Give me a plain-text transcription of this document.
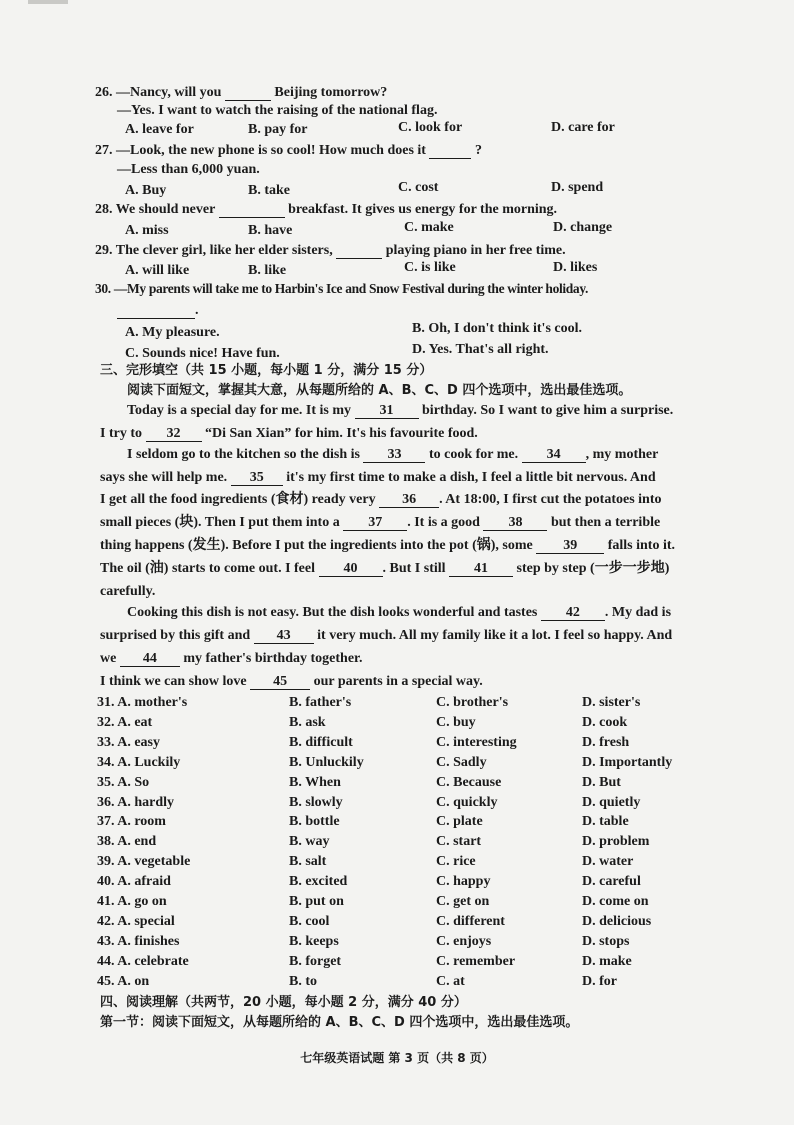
26. —Nancy, will you	Beijing tomorrow?
—Yes. I want to watch the raising of the national flag.
A. leave for	B. pay for	C. look for	D. care for
27. —Look, the new phone is so cool! How much does it	?
—Less than 6,000 yuan.
A. Buy	B. take	C. cost	D. spend
28. We should never	breakfast. It gives us energy for the morning.
A. miss	B. have	C. make	D. change
29. The clever girl, like her elder sisters,	playing piano in her free time.
A. will like	B. like	C. is like	D. likes
30. —My parents will take me to Harbin's Ice and Snow Festival during the winter holiday.
.
A. My pleasure.	B. Oh, I don't think it's cool.
C. Sounds nice! Have fun.	D. Yes. That's all right.
三、完形填空（共 15 小题，每小题 1 分，满分 15 分）
阅读下面短文，掌握其大意，从每题所给的 A、B、C、D 四个选项中，选出最佳选项。
Today is a special day for me. It is my 31 birthday. So I want to give him a surprise.
I try to 32 “Di San Xian” for him. It's his favourite food.
I seldom go to the kitchen so the dish is 33 to cook for me. 34 , my mother
says she will help me. 35 it's my first time to make a dish, I feel a little bit nervous. And
I get all the food ingredients (食材) ready very 36 . At 18:00, I first cut the potatoes into
small pieces (块). Then I put them into a 37 . It is a good 38 but then a terrible
thing happens (发生). Before I put the ingredients into the pot (锅), some 39 falls into it.
The oil (油) starts to come out. I feel 40 . But I still 41 step by step (一步一步地)
carefully.
Cooking this dish is not easy. But the dish looks wonderful and tastes 42 . My dad is
surprised by this gift and 43 it very much. All my family like it a lot. I feel so happy. And
we 44 my father's birthday together.
I think we can show love 45 our parents in a special way.
31. A. mother's	B. father's	C. brother's	D. sister's
32. A. eat	B. ask	C. buy	D. cook
33. A. easy	B. difficult	C. interesting	D. fresh
34. A. Luckily	B. Unluckily	C. Sadly	D. Importantly
35. A. So	B. When	C. Because	D. But
36. A. hardly	B. slowly	C. quickly	D. quietly
37. A. room	B. bottle	C. plate	D. table
38. A. end	B. way	C. start	D. problem
39. A. vegetable	B. salt	C. rice	D. water
40. A. afraid	B. excited	C. happy	D. careful
41. A. go on	B. put on	C. get on	D. come on
42. A. special	B. cool	C. different	D. delicious
43. A. finishes	B. keeps	C. enjoys	D. stops
44. A. celebrate	B. forget	C. remember	D. make
45. A. on	B. to	C. at	D. for
四、阅读理解（共两节，20 小题，每小题 2 分，满分 40 分）
第一节：阅读下面短文，从每题所给的 A、B、C、D 四个选项中，选出最佳选项。
七年级英语试题 第 3 页（共 8 页）
